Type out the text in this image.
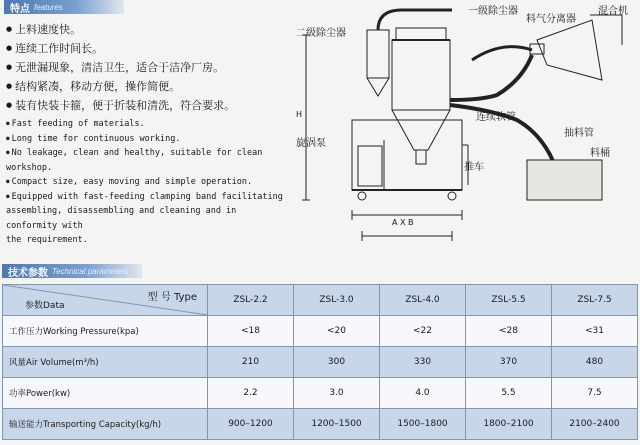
特点 features
● 上料速度快。
● 连续工作时间长。
● 无泄漏现象，清洁卫生，适合于洁净厂房。
● 结构紧凑，移动方便，操作简便。
● 装有快装卡箍，便于折装和清洗，符合要求。
● Fast feeding of materials.
● Long time for continuous working.
● No leakage, clean and healthy, suitable for clean workshop.
● Compact size, easy moving and simple operation.
● Equipped with fast-feeding clamping band facilitating
assembling, disassembling and cleaning and in conformity with
the requirement.
一级除尘器
二级除尘器
料气分离器
混合机
连续软管
抽料管
料桶
旋涡泵
推车
A X B
H
技术参数 Technical parameters
型 号 Type
参数Data	ZSL-2.2	ZSL-3.0	ZSL-4.0	ZSL-5.5	ZSL-7.5
工作压力Working Pressure(kpa)	<18	<20	<22	<28	<31
风量Air Volume(m³/h)	210	300	330	370	480
功率Power(kw)	2.2	3.0	4.0	5.5	7.5
输送能力Transporting Capacity(kg/h)	900–1200	1200–1500	1500–1800	1800–2100	2100–2400
